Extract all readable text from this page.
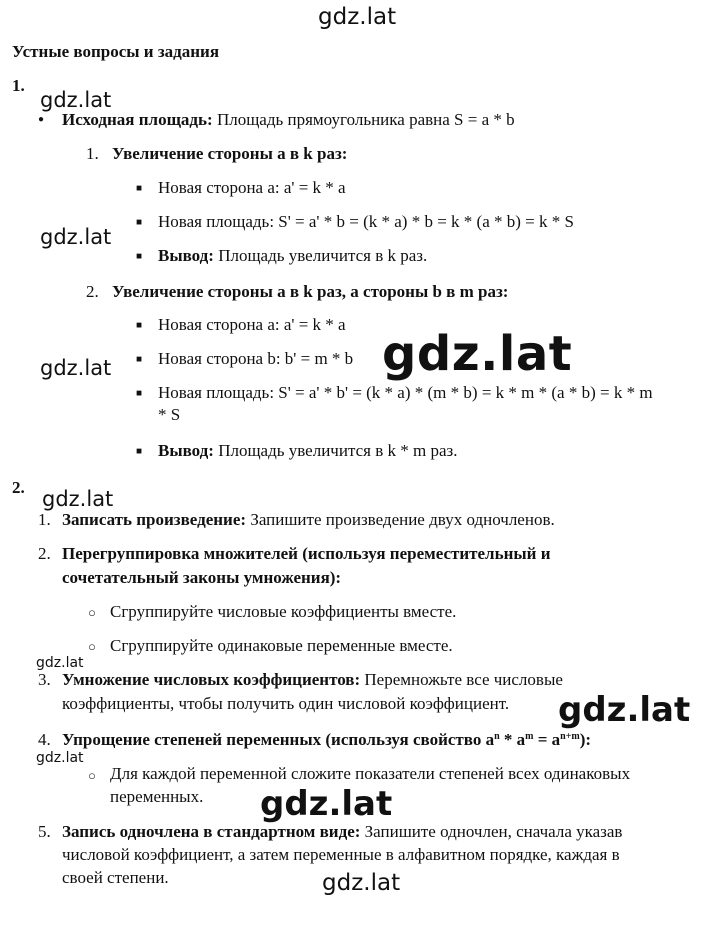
gdz.lat
gdz.lat
gdz.lat
gdz.lat
gdz.lat
gdz.lat
gdz.lat
gdz.lat
Устные вопросы и задания
1.
● Исходная площадь: Площадь прямоугольника равна S = a * b
1. Увеличение стороны a в k раз:
■ Новая сторона a: a' = k * a
■ Новая площадь: S' = a' * b = (k * a) * b = k * (a * b) = k * S
■ Вывод: Площадь увеличится в k раз.
2. Увеличение стороны a в k раз, а стороны b в m раз:
■ Новая сторона a: a' = k * a
■ Новая сторона b: b' = m * b
■ Новая площадь: S' = a' * b' = (k * a) * (m * b) = k * m * (a * b) = k * m
* S
■ Вывод: Площадь увеличится в k * m раз.
gdz.lat
2.
1. Записать произведение: Запишите произведение двух одночленов.
2. Перегруппировка множителей (используя переместительный и
сочетательный законы умножения):
○ Сгруппируйте числовые коэффициенты вместе.
○ Сгруппируйте одинаковые переменные вместе.
3. Умножение числовых коэффициентов: Перемножьте все числовые
коэффициенты, чтобы получить один числовой коэффициент. gdz.lat
4. Упрощение степеней переменных (используя свойство $a^n * a^m = a^{n+m}$):
○ Для каждой переменной сложите показатели степеней всех одинаковых
переменных. gdz.lat
5. Запись одночлена в стандартном виде: Запишите одночлен, сначала указав
числовой коэффициент, а затем переменные в алфавитном порядке, каждая в
своей степени.
